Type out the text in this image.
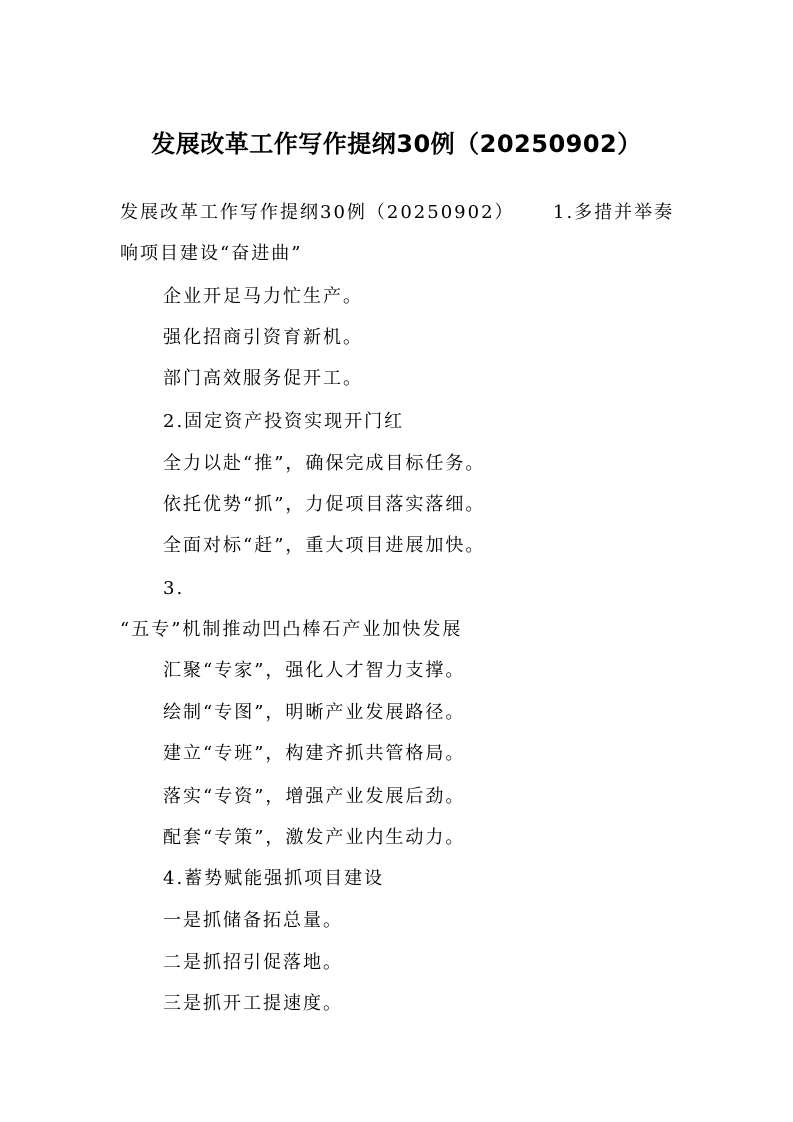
发展改革工作写作提纲30例（20250902）
发展改革工作写作提纲30例（20250902） 1.多措并举奏
响项目建设“奋进曲”
企业开足马力忙生产。
强化招商引资育新机。
部门高效服务促开工。
2.固定资产投资实现开门红
全力以赴“推”，确保完成目标任务。
依托优势“抓”，力促项目落实落细。
全面对标“赶”，重大项目进展加快。
3.
“五专”机制推动凹凸棒石产业加快发展
汇聚“专家”，强化人才智力支撑。
绘制“专图”，明晰产业发展路径。
建立“专班”，构建齐抓共管格局。
落实“专资”，增强产业发展后劲。
配套“专策”，激发产业内生动力。
4.蓄势赋能强抓项目建设
一是抓储备拓总量。
二是抓招引促落地。
三是抓开工提速度。
